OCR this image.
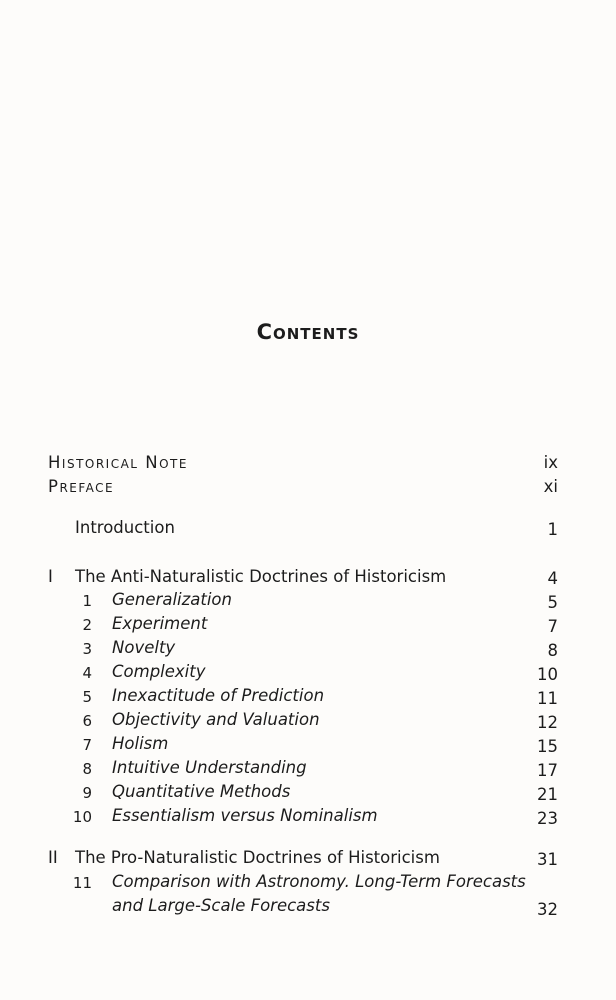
Contents
Historical Note	ix
Preface	xi
Introduction	1
I The Anti-Naturalistic Doctrines of Historicism	4
1 Generalization	5
2 Experiment	7
3 Novelty	8
4 Complexity	10
5 Inexactitude of Prediction	11
6 Objectivity and Valuation	12
7 Holism	15
8 Intuitive Understanding	17
9 Quantitative Methods	21
10 Essentialism versus Nominalism	23
II The Pro-Naturalistic Doctrines of Historicism	31
11 Comparison with Astronomy. Long-Term Forecasts
and Large-Scale Forecasts	32
